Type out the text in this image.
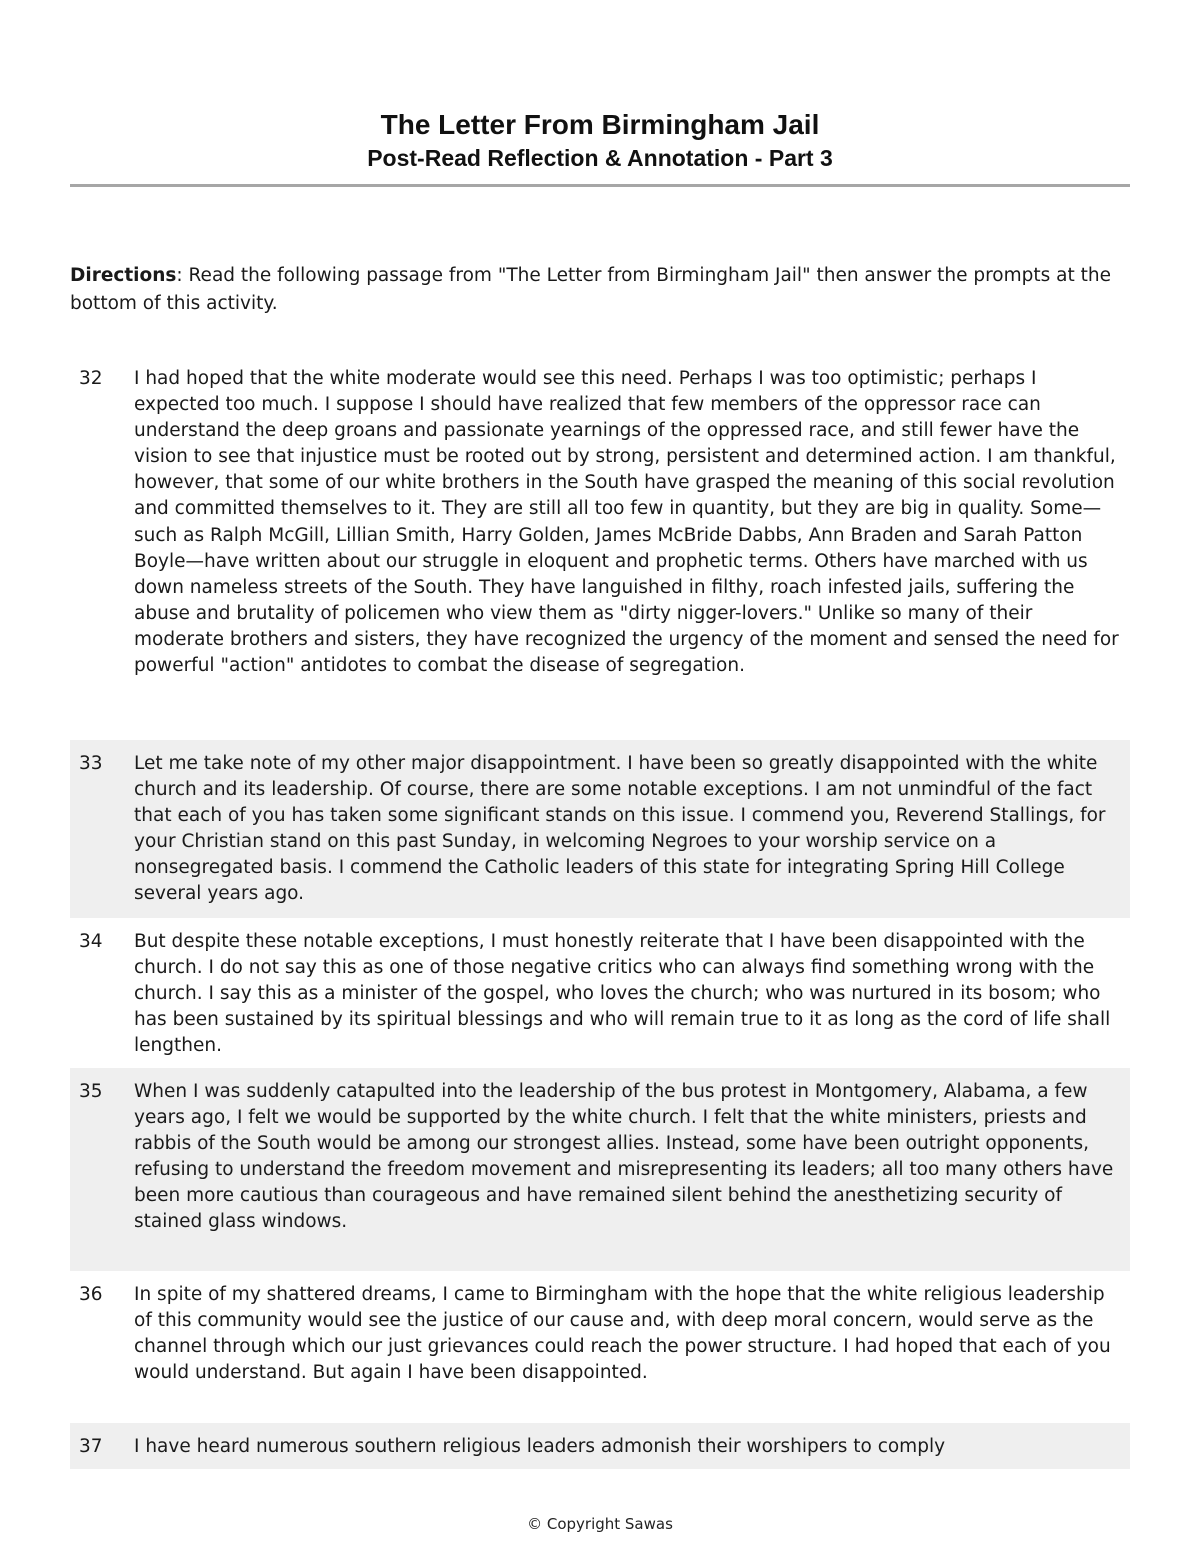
The Letter From Birmingham Jail
Post-Read Reflection & Annotation - Part 3
Directions: Read the following passage from "The Letter from Birmingham Jail" then answer the prompts at the bottom of this activity.
32	I had hoped that the white moderate would see this need. Perhaps I was too optimistic; perhaps I expected too much. I suppose I should have realized that few members of the oppressor race can understand the deep groans and passionate yearnings of the oppressed race, and still fewer have the vision to see that injustice must be rooted out by strong, persistent and determined action. I am thankful, however, that some of our white brothers in the South have grasped the meaning of this social revolution and committed themselves to it. They are still all too few in quantity, but they are big in quality. Some—such as Ralph McGill, Lillian Smith, Harry Golden, James McBride Dabbs, Ann Braden and Sarah Patton Boyle—have written about our struggle in eloquent and prophetic terms. Others have marched with us down nameless streets of the South. They have languished in filthy, roach infested jails, suffering the abuse and brutality of policemen who view them as "dirty nigger-lovers." Unlike so many of their moderate brothers and sisters, they have recognized the urgency of the moment and sensed the need for powerful "action" antidotes to combat the disease of segregation.
33	Let me take note of my other major disappointment. I have been so greatly disappointed with the white church and its leadership. Of course, there are some notable exceptions. I am not unmindful of the fact that each of you has taken some significant stands on this issue. I commend you, Reverend Stallings, for your Christian stand on this past Sunday, in welcoming Negroes to your worship service on a nonsegregated basis. I commend the Catholic leaders of this state for integrating Spring Hill College several years ago.
34	But despite these notable exceptions, I must honestly reiterate that I have been disappointed with the church. I do not say this as one of those negative critics who can always find something wrong with the church. I say this as a minister of the gospel, who loves the church; who was nurtured in its bosom; who has been sustained by its spiritual blessings and who will remain true to it as long as the cord of life shall lengthen.
35	When I was suddenly catapulted into the leadership of the bus protest in Montgomery, Alabama, a few years ago, I felt we would be supported by the white church. I felt that the white ministers, priests and rabbis of the South would be among our strongest allies. Instead, some have been outright opponents, refusing to understand the freedom movement and misrepresenting its leaders; all too many others have been more cautious than courageous and have remained silent behind the anesthetizing security of stained glass windows.
36	In spite of my shattered dreams, I came to Birmingham with the hope that the white religious leadership of this community would see the justice of our cause and, with deep moral concern, would serve as the channel through which our just grievances could reach the power structure. I had hoped that each of you would understand. But again I have been disappointed.
37	I have heard numerous southern religious leaders admonish their worshipers to comply
© Copyright Sawas
